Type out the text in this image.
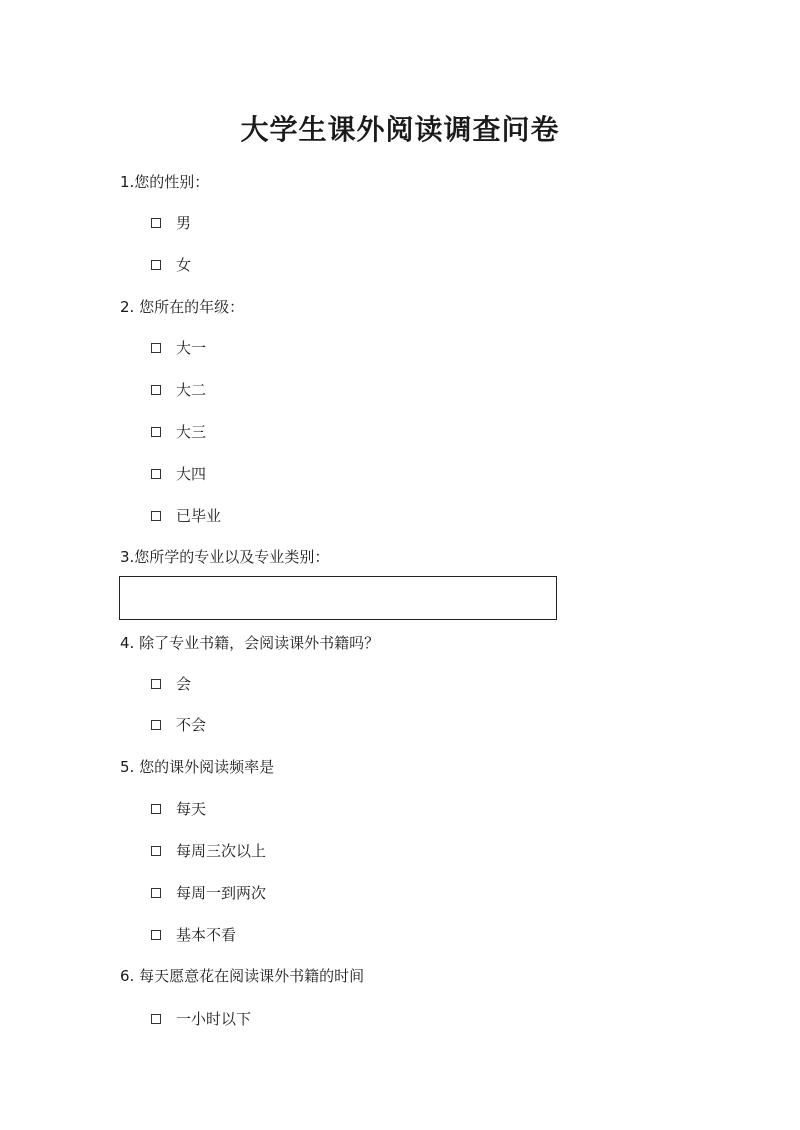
大学生课外阅读调查问卷
1.您的性别：
男
女
2. 您所在的年级：
大一
大二
大三
大四
已毕业
3.您所学的专业以及专业类别：
4. 除了专业书籍，会阅读课外书籍吗？
会
不会
5. 您的课外阅读频率是
每天
每周三次以上
每周一到两次
基本不看
6. 每天愿意花在阅读课外书籍的时间
一小时以下
